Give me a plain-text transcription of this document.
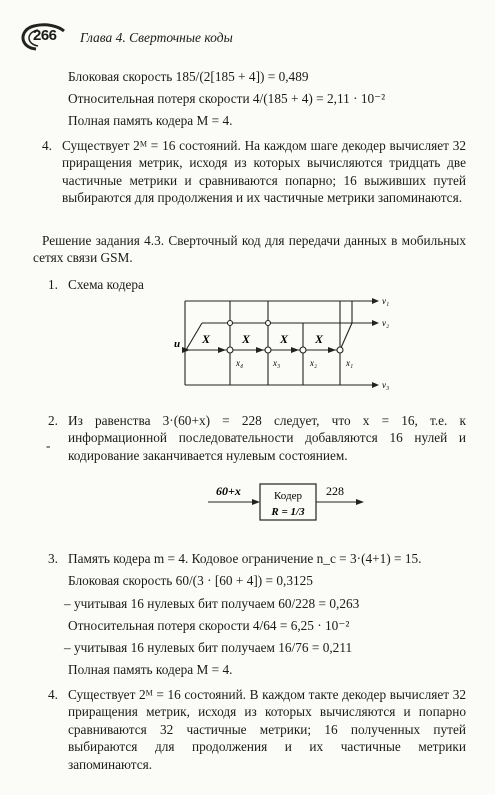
266 Глава 4. Сверточные коды
Блоковая скорость 185/(2[185 + 4]) = 0,489
Относительная потеря скорости 4/(185 + 4) = 2,11 · 10⁻²
Полная память кодера M = 4.
4. Существует 2ᴹ = 16 состояний. На каждом шаге декодер вычисляет 32 приращения метрик, исходя из которых вычисляются тридцать две частичные метрики и сравниваются попарно; 16 выживших путей выбираются для продолжения и их частичные метрики запоминаются.
Решение задания 4.3. Сверточный код для передачи данных в мобильных сетях связи GSM.
1. Схема кодера
u X	X X X
x₄	x₃	x₂	x₁
v₁
v₂
v₃
2. Из равенства 3·(60+x) = 228 следует, что x = 16, т.е. к информационной последовательности добавляются 16 нулей и кодирование заканчивается нулевым состоянием.
-
60+x	Кодер
R = 1/3
228
3. Память кодера m = 4. Кодовое ограничение n_c = 3·(4+1) = 15.
Блоковая скорость 60/(3 · [60 + 4]) = 0,3125
– учитывая 16 нулевых бит получаем 60/228 = 0,263
Относительная потеря скорости 4/64 = 6,25 · 10⁻²
– учитывая 16 нулевых бит получаем 16/76 = 0,211
Полная память кодера M = 4.
4. Существует 2ᴹ = 16 состояний. В каждом такте декодер вычисляет 32 приращения метрик, исходя из которых вычисляются и попарно сравниваются 32 частичные метрики; 16 полученных путей выбираются для продолжения и их частичные метрики запоминаются.
